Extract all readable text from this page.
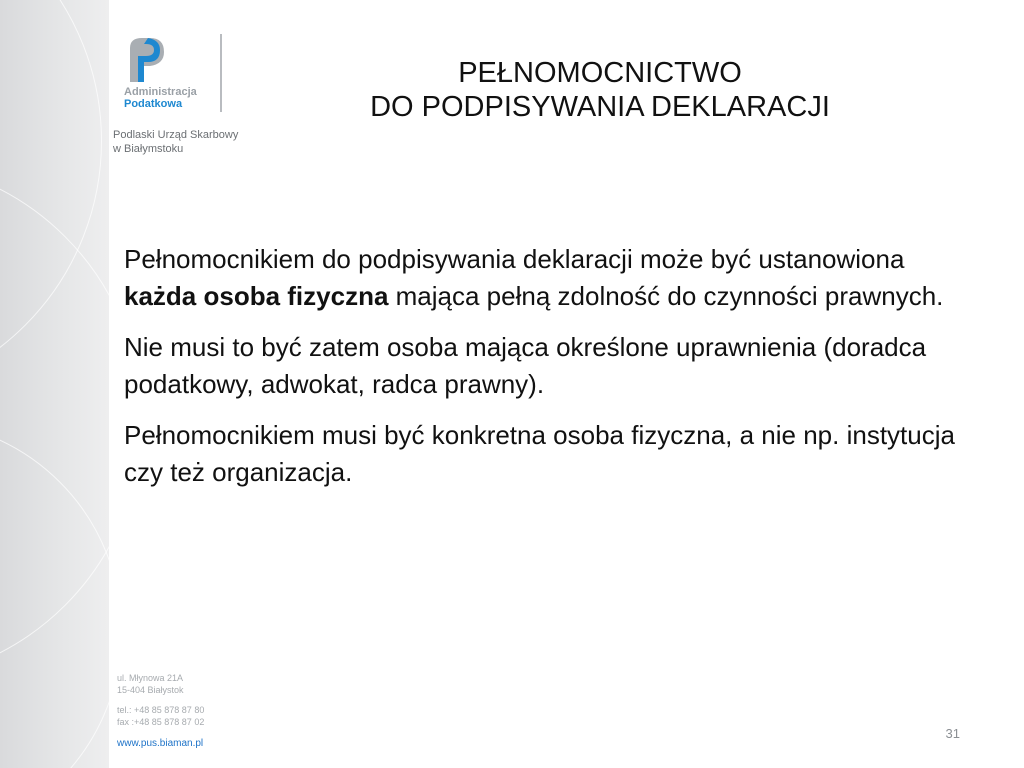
Administracja
Podatkowa
Podlaski Urząd Skarbowy
w Białymstoku
PEŁNOMOCNICTWO
DO PODPISYWANIA DEKLARACJI

Pełnomocnikiem do podpisywania deklaracji może być ustanowiona każda osoba fizyczna mająca pełną zdolność do czynności prawnych.

Nie musi to być zatem osoba mająca określone uprawnienia (doradca podatkowy, adwokat, radca prawny).

Pełnomocnikiem musi być konkretna osoba fizyczna, a nie np. instytucja czy też organizacja.

ul. Młynowa 21A
15-404 Białystok
tel.: +48 85 878 87 80
fax :+48 85 878 87 02
www.pus.biaman.pl
31
